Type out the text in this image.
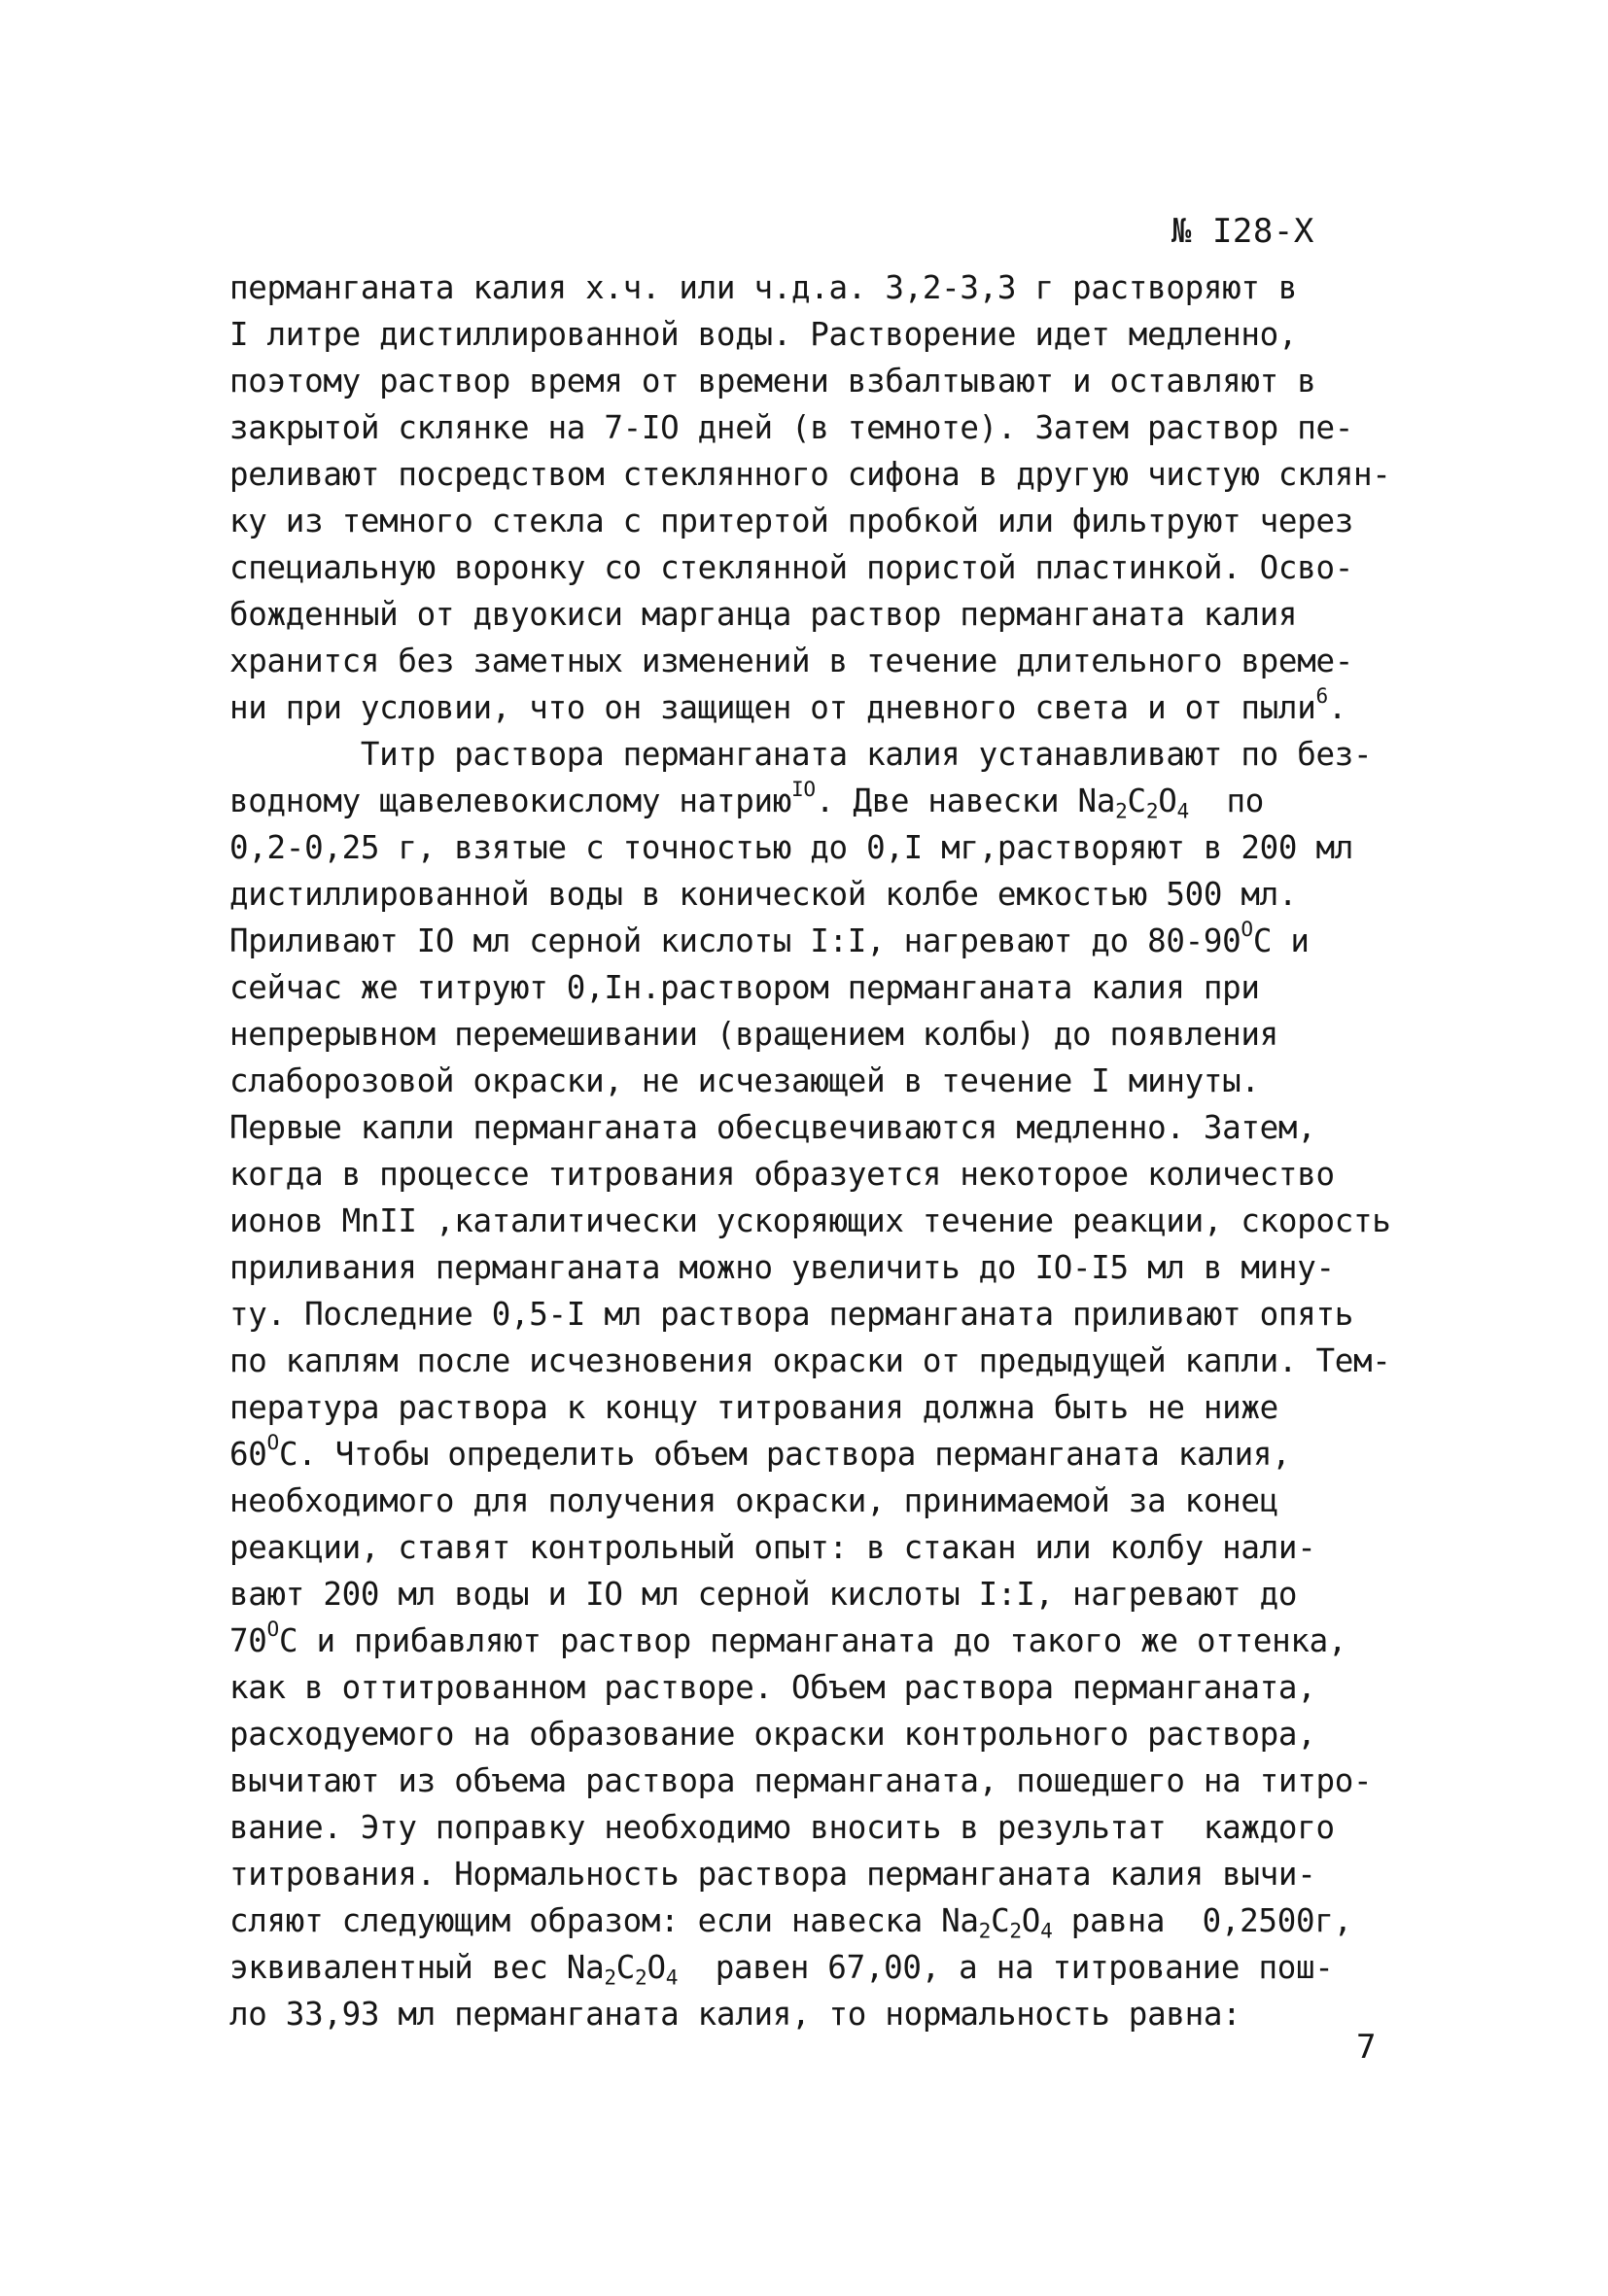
№ I28-X
перманганата калия х.ч. или ч.д.а. 3,2-3,3 г растворяют в
I литре дистиллированной воды. Растворение идет медленно,
поэтому раствор время от времени взбалтывают и оставляют в
закрытой склянке на 7-IO дней (в темноте). Затем раствор пе-
реливают посредством стеклянного сифона в другую чистую склян-
ку из темного стекла с притертой пробкой или фильтруют через
специальную воронку со стеклянной пористой пластинкой. Осво-
божденный от двуокиси марганца раствор перманганата калия
хранится без заметных изменений в течение длительного време-
ни при условии, что он защищен от дневного света и от пыли$^6$.
Титр раствора перманганата калия устанавливают по без-
водному щавелевокислому натрию$^{IO}$. Две навески $Na_2C_2O_4$  по
0,2-0,25 г, взятые с точностью до 0,I мг,растворяют в 200 мл
дистиллированной воды в конической колбе емкостью 500 мл.
Приливают IO мл серной кислоты I:I, нагревают до $80-90^OC$ и
сейчас же титруют 0,Iн.раствором перманганата калия при
непрерывном перемешивании (вращением колбы) до появления
слаборозовой окраски, не исчезающей в течение I минуты.
Первые капли перманганата обесцвечиваются медленно. Затем,
когда в процессе титрования образуется некоторое количество
ионов MnII ,каталитически ускоряющих течение реакции, скорость
приливания перманганата можно увеличить до IO-I5 мл в мину-
ту. Последние 0,5-I мл раствора перманганата приливают опять
по каплям после исчезновения окраски от предыдущей капли. Тем-
пература раствора к концу титрования должна быть не ниже
$60^OC$. Чтобы определить объем раствора перманганата калия,
необходимого для получения окраски, принимаемой за конец
реакции, ставят контрольный опыт: в стакан или колбу нали-
вают 200 мл воды и IO мл серной кислоты I:I, нагревают до
$70^OC$ и прибавляют раствор перманганата до такого же оттенка,
как в оттитрованном растворе. Объем раствора перманганата,
расходуемого на образование окраски контрольного раствора,
вычитают из объема раствора перманганата, пошедшего на титро-
вание. Эту поправку необходимо вносить в результат  каждого
титрования. Нормальность раствора перманганата калия вычи-
сляют следующим образом: если навеска $Na_2C_2O_4$ равна  0,2500г,
эквивалентный вес $Na_2C_2O_4$  равен 67,00, а на титрование пош-
ло 33,93 мл перманганата калия, то нормальность равна:
7
